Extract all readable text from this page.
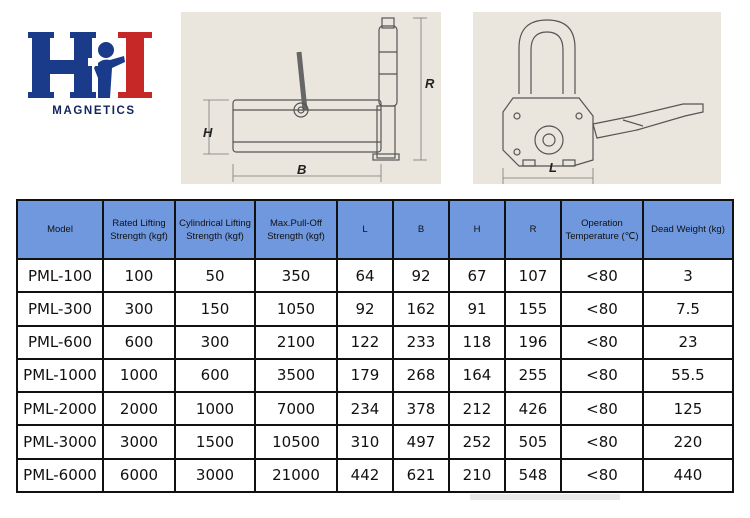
MAGNETICS
R
H
B	L
Model	Rated Lifting Strength (kgf)	Cylindrical Lifting Strength (kgf)	Max.Pull-Off Strength (kgf)	L	B	H	R	Operation Temperature (℃)	Dead Weight (kg)
PML-100	100	50	350	64	92	67	107	<80	3
PML-300	300	150	1050	92	162	91	155	<80	7.5
PML-600	600	300	2100	122	233	118	196	<80	23
PML-1000	1000	600	3500	179	268	164	255	<80	55.5
PML-2000	2000	1000	7000	234	378	212	426	<80	125
PML-3000	3000	1500	10500	310	497	252	505	<80	220
PML-6000	6000	3000	21000	442	621	210	548	<80	440
